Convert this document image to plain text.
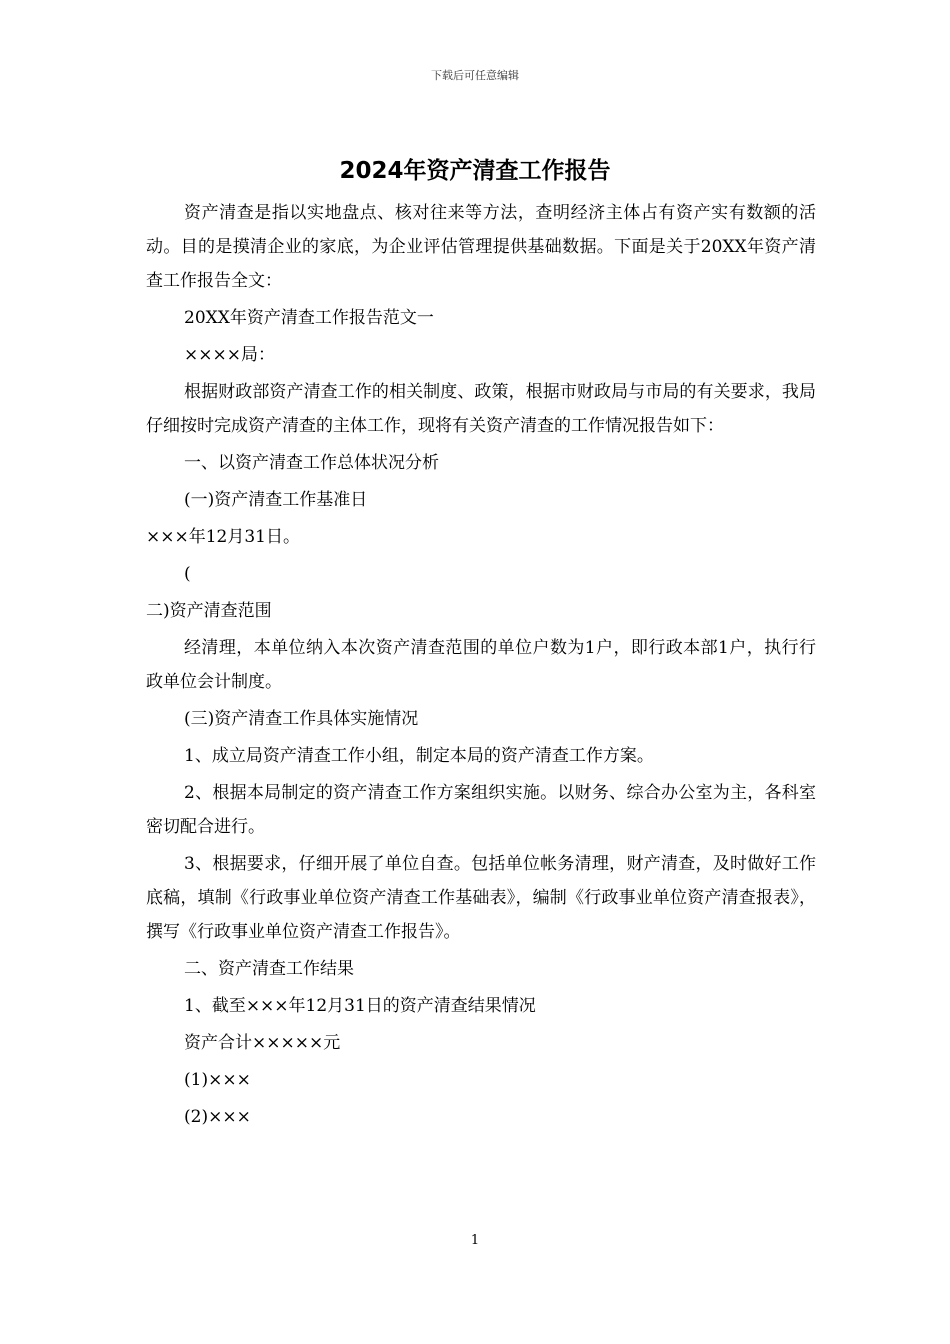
下载后可任意编辑
2024年资产清查工作报告

资产清查是指以实地盘点、核对往来等方法，查明经济主体占有资产实有数额的活动。目的是摸清企业的家底，为企业评估管理提供基础数据。下面是关于20XX年资产清查工作报告全文：

20XX年资产清查工作报告范文一

××××局：

根据财政部资产清查工作的相关制度、政策，根据市财政局与市局的有关要求，我局仔细按时完成资产清查的主体工作，现将有关资产清查的工作情况报告如下：

一、以资产清查工作总体状况分析

(一)资产清查工作基准日

×××年12月31日。

(

二)资产清查范围

经清理，本单位纳入本次资产清查范围的单位户数为1户，即行政本部1户，执行行政单位会计制度。

(三)资产清查工作具体实施情况

1、成立局资产清查工作小组，制定本局的资产清查工作方案。

2、根据本局制定的资产清查工作方案组织实施。以财务、综合办公室为主，各科室密切配合进行。

3、根据要求，仔细开展了单位自查。包括单位帐务清理，财产清查，及时做好工作底稿，填制《行政事业单位资产清查工作基础表》，编制《行政事业单位资产清查报表》，撰写《行政事业单位资产清查工作报告》。

二、资产清查工作结果

1、截至×××年12月31日的资产清查结果情况

资产合计×××××元

(1)×××

(2)×××

1
